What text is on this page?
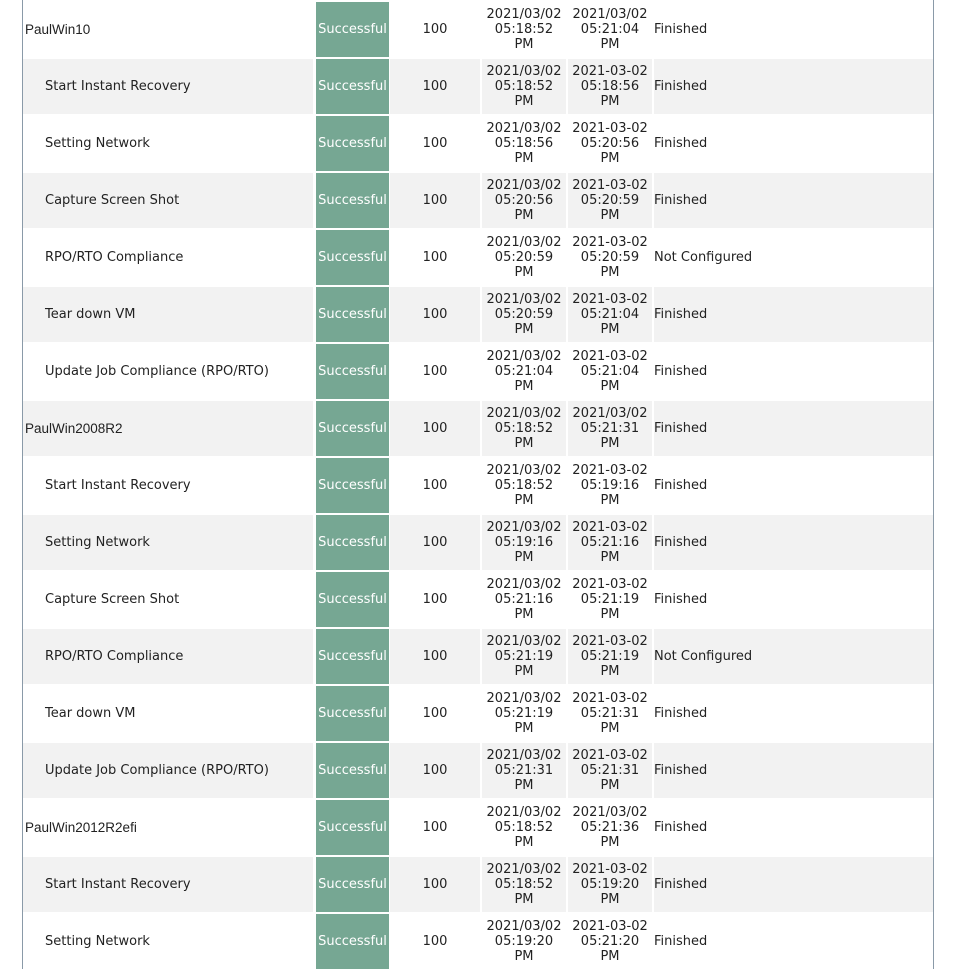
PaulWin10		Successful	100	2021/03/02
05:18:52
PM	2021/03/02
05:21:04
PM	Finished
Start Instant Recovery		Successful	100	2021/03/02
05:18:52
PM	2021-03-02
05:18:56
PM	Finished
Setting Network		Successful	100	2021/03/02
05:18:56
PM	2021-03-02
05:20:56
PM	Finished
Capture Screen Shot		Successful	100	2021/03/02
05:20:56
PM	2021-03-02
05:20:59
PM	Finished
RPO/RTO Compliance		Successful	100	2021/03/02
05:20:59
PM	2021-03-02
05:20:59
PM	Not Configured
Tear down VM		Successful	100	2021/03/02
05:20:59
PM	2021-03-02
05:21:04
PM	Finished
Update Job Compliance (RPO/RTO)		Successful	100	2021/03/02
05:21:04
PM	2021-03-02
05:21:04
PM	Finished
PaulWin2008R2		Successful	100	2021/03/02
05:18:52
PM	2021/03/02
05:21:31
PM	Finished
Start Instant Recovery		Successful	100	2021/03/02
05:18:52
PM	2021-03-02
05:19:16
PM	Finished
Setting Network		Successful	100	2021/03/02
05:19:16
PM	2021-03-02
05:21:16
PM	Finished
Capture Screen Shot		Successful	100	2021/03/02
05:21:16
PM	2021-03-02
05:21:19
PM	Finished
RPO/RTO Compliance		Successful	100	2021/03/02
05:21:19
PM	2021-03-02
05:21:19
PM	Not Configured
Tear down VM		Successful	100	2021/03/02
05:21:19
PM	2021-03-02
05:21:31
PM	Finished
Update Job Compliance (RPO/RTO)		Successful	100	2021/03/02
05:21:31
PM	2021-03-02
05:21:31
PM	Finished
PaulWin2012R2efi		Successful	100	2021/03/02
05:18:52
PM	2021/03/02
05:21:36
PM	Finished
Start Instant Recovery		Successful	100	2021/03/02
05:18:52
PM	2021-03-02
05:19:20
PM	Finished
Setting Network		Successful	100	2021/03/02
05:19:20
PM	2021-03-02
05:21:20
PM	Finished
